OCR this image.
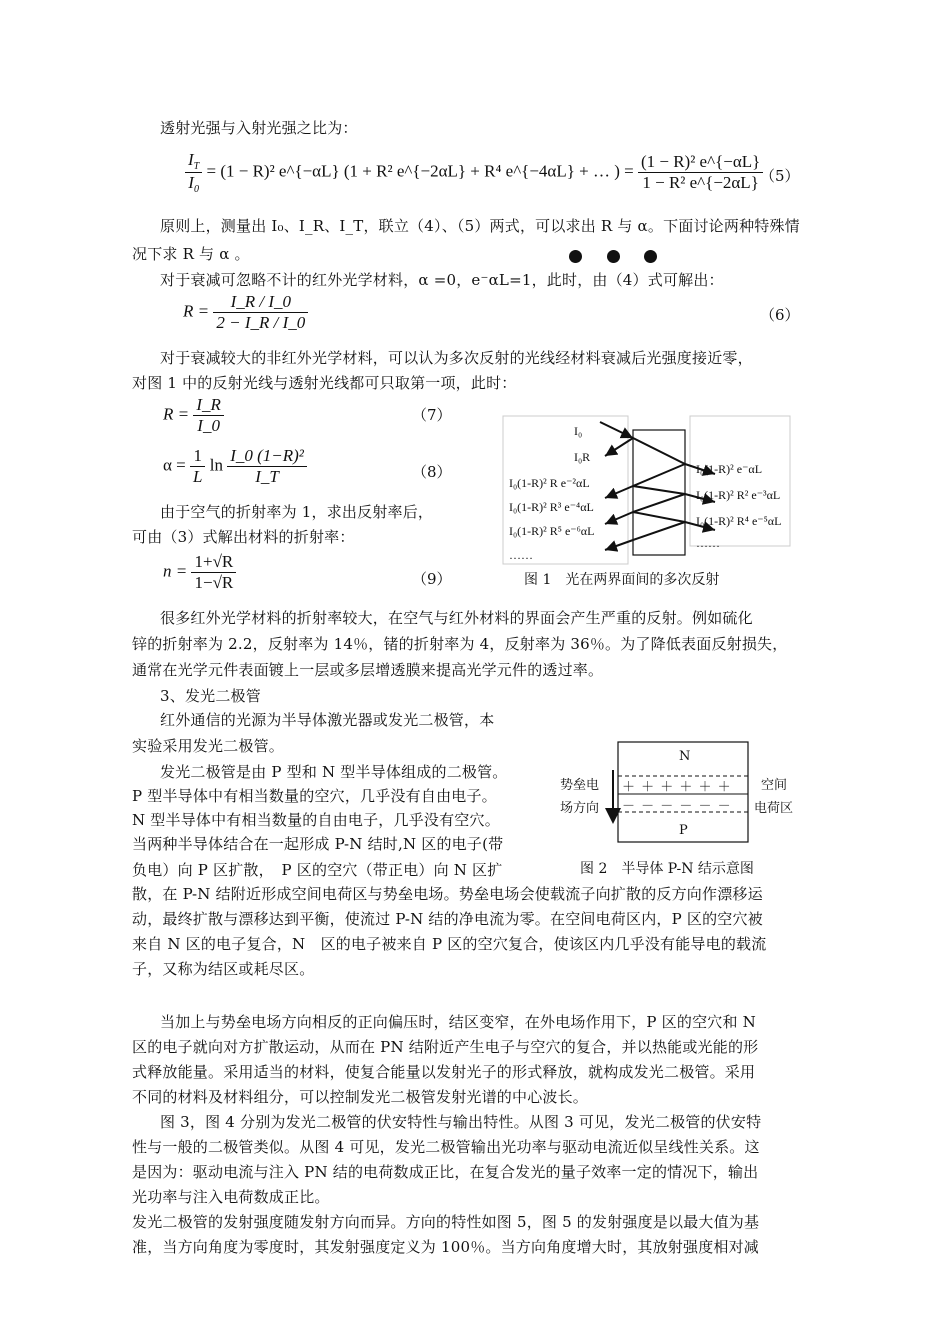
透射光强与入射光强之比为：
$\frac{I_T}{I_0} = (1 - R)^2$ e^{−αL} (1 + R² e^{−2αL} + R⁴ e^{−4αL} + … ) = $\frac{\text{(1 − R)² e\textasciicircum{}\{−αL\}}}{\text{1 − R² e\textasciicircum{}\{−2αL\}}}$
（5）
原则上，测量出 I₀、I_R、I_T，联立（4）、（5）两式，可以求出 R 与 α。下面讨论两种特殊情
况下求 R 与 α 。
对于衰减可忽略不计的红外光学材料，α =0，e⁻αL=1，此时，由（4）式可解出：
$R = \frac{I\_R / I\_0}{2 - I\_R / I\_0}$	（6）
对于衰减较大的非红外光学材料，可以认为多次反射的光线经材料衰减后光强度接近零，
对图 1 中的反射光线与透射光线都可只取第一项，此时：
$R = \frac{I\_R}{I\_0}$	（7）
$\alpha = \frac{1}{L}$ $\ln \frac{\text{I\_0 (1−R)²}}{I\_T}$	（8）
由于空气的折射率为 1，求出反射率后，
可由（3）式解出材料的折射率：
$n = \frac{1+√R}{1-√R}$	（9）
I₀
I₀R
I₀(1-R)² R e⁻²αL
I₀(1-R)² R³ e⁻⁴αL
I₀(1-R)² R⁵ e⁻⁶αL
……
I₀(1-R)² e⁻αL
I₀(1-R)² R² e⁻³αL
I₀(1-R)² R⁴ e⁻⁵αL
……
图 1　光在两界面间的多次反射
很多红外光学材料的折射率较大，在空气与红外材料的界面会产生严重的反射。例如硫化
锌的折射率为 2.2，反射率为 14％，锗的折射率为 4，反射率为 36％。为了降低表面反射损失，
通常在光学元件表面镀上一层或多层增透膜来提高光学元件的透过率。
3、发光二极管
红外通信的光源为半导体激光器或发光二极管，本
实验采用发光二极管。
发光二极管是由 P 型和 N 型半导体组成的二极管。
P 型半导体中有相当数量的空穴，几乎没有自由电子。
N 型半导体中有相当数量的自由电子，几乎没有空穴。
当两种半导体结合在一起形成 P-N 结时,N 区的电子(带
负电）向 P 区扩散，　P 区的空穴（带正电）向 N 区扩
散，在 P-N 结附近形成空间电荷区与势垒电场。势垒电场会使载流子向扩散的反方向作漂移运
动，最终扩散与漂移达到平衡，使流过 P-N 结的净电流为零。在空间电荷区内，P 区的空穴被
来自 N 区的电子复合，N　区的电子被来自 P 区的空穴复合，使该区内几乎没有能导电的载流
子，又称为结区或耗尽区。
N
P
＋ ＋ ＋ ＋ ＋ ＋
－ － － － － －
势垒电
场方向
空间
电荷区
图 2　半导体 P-N 结示意图
当加上与势垒电场方向相反的正向偏压时，结区变窄，在外电场作用下，P 区的空穴和 N
区的电子就向对方扩散运动，从而在 PN 结附近产生电子与空穴的复合，并以热能或光能的形
式释放能量。采用适当的材料，使复合能量以发射光子的形式释放，就构成发光二极管。采用
不同的材料及材料组分，可以控制发光二极管发射光谱的中心波长。
图 3，图 4 分别为发光二极管的伏安特性与输出特性。从图 3 可见，发光二极管的伏安特
性与一般的二极管类似。从图 4 可见，发光二极管输出光功率与驱动电流近似呈线性关系。这
是因为：驱动电流与注入 PN 结的电荷数成正比，在复合发光的量子效率一定的情况下，输出
光功率与注入电荷数成正比。
发光二极管的发射强度随发射方向而异。方向的特性如图 5，图 5 的发射强度是以最大值为基
准，当方向角度为零度时，其发射强度定义为 100％。当方向角度增大时，其放射强度相对减
